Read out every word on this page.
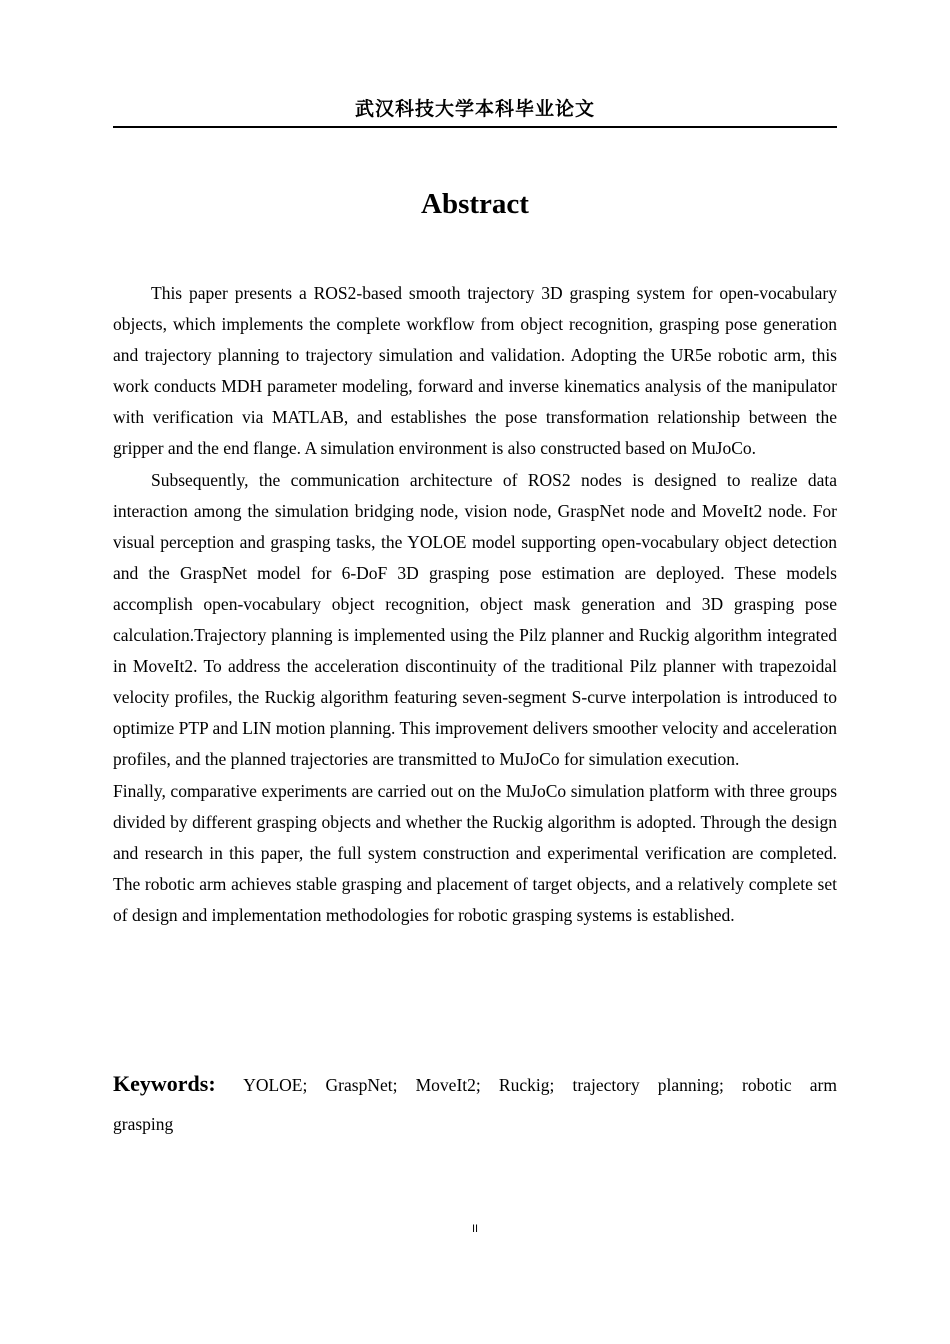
武汉科技大学本科毕业论文
Abstract

This paper presents a ROS2-based smooth trajectory 3D grasping system for open-vocabulary objects, which implements the complete workflow from object recognition, grasping pose generation and trajectory planning to trajectory simulation and validation. Adopting the UR5e robotic arm, this work conducts MDH parameter modeling, forward and inverse kinematics analysis of the manipulator with verification via MATLAB, and establishes the pose transformation relationship between the gripper and the end flange. A simulation environment is also constructed based on MuJoCo.

Subsequently, the communication architecture of ROS2 nodes is designed to realize data interaction among the simulation bridging node, vision node, GraspNet node and MoveIt2 node. For visual perception and grasping tasks, the YOLOE model supporting open-vocabulary object detection and the GraspNet model for 6-DoF 3D grasping pose estimation are deployed. These models accomplish open-vocabulary object recognition, object mask generation and 3D grasping pose calculation.Trajectory planning is implemented using the Pilz planner and Ruckig algorithm integrated in MoveIt2. To address the acceleration discontinuity of the traditional Pilz planner with trapezoidal velocity profiles, the Ruckig algorithm featuring seven-segment S-curve interpolation is introduced to optimize PTP and LIN motion planning. This improvement delivers smoother velocity and acceleration profiles, and the planned trajectories are transmitted to MuJoCo for simulation execution.

Finally, comparative experiments are carried out on the MuJoCo simulation platform with three groups divided by different grasping objects and whether the Ruckig algorithm is adopted. Through the design and research in this paper, the full system construction and experimental verification are completed. The robotic arm achieves stable grasping and placement of target objects, and a relatively complete set of design and implementation methodologies for robotic grasping systems is established.

Keywords: YOLOE; GraspNet; MoveIt2; Ruckig; trajectory planning; robotic arm grasping
II
